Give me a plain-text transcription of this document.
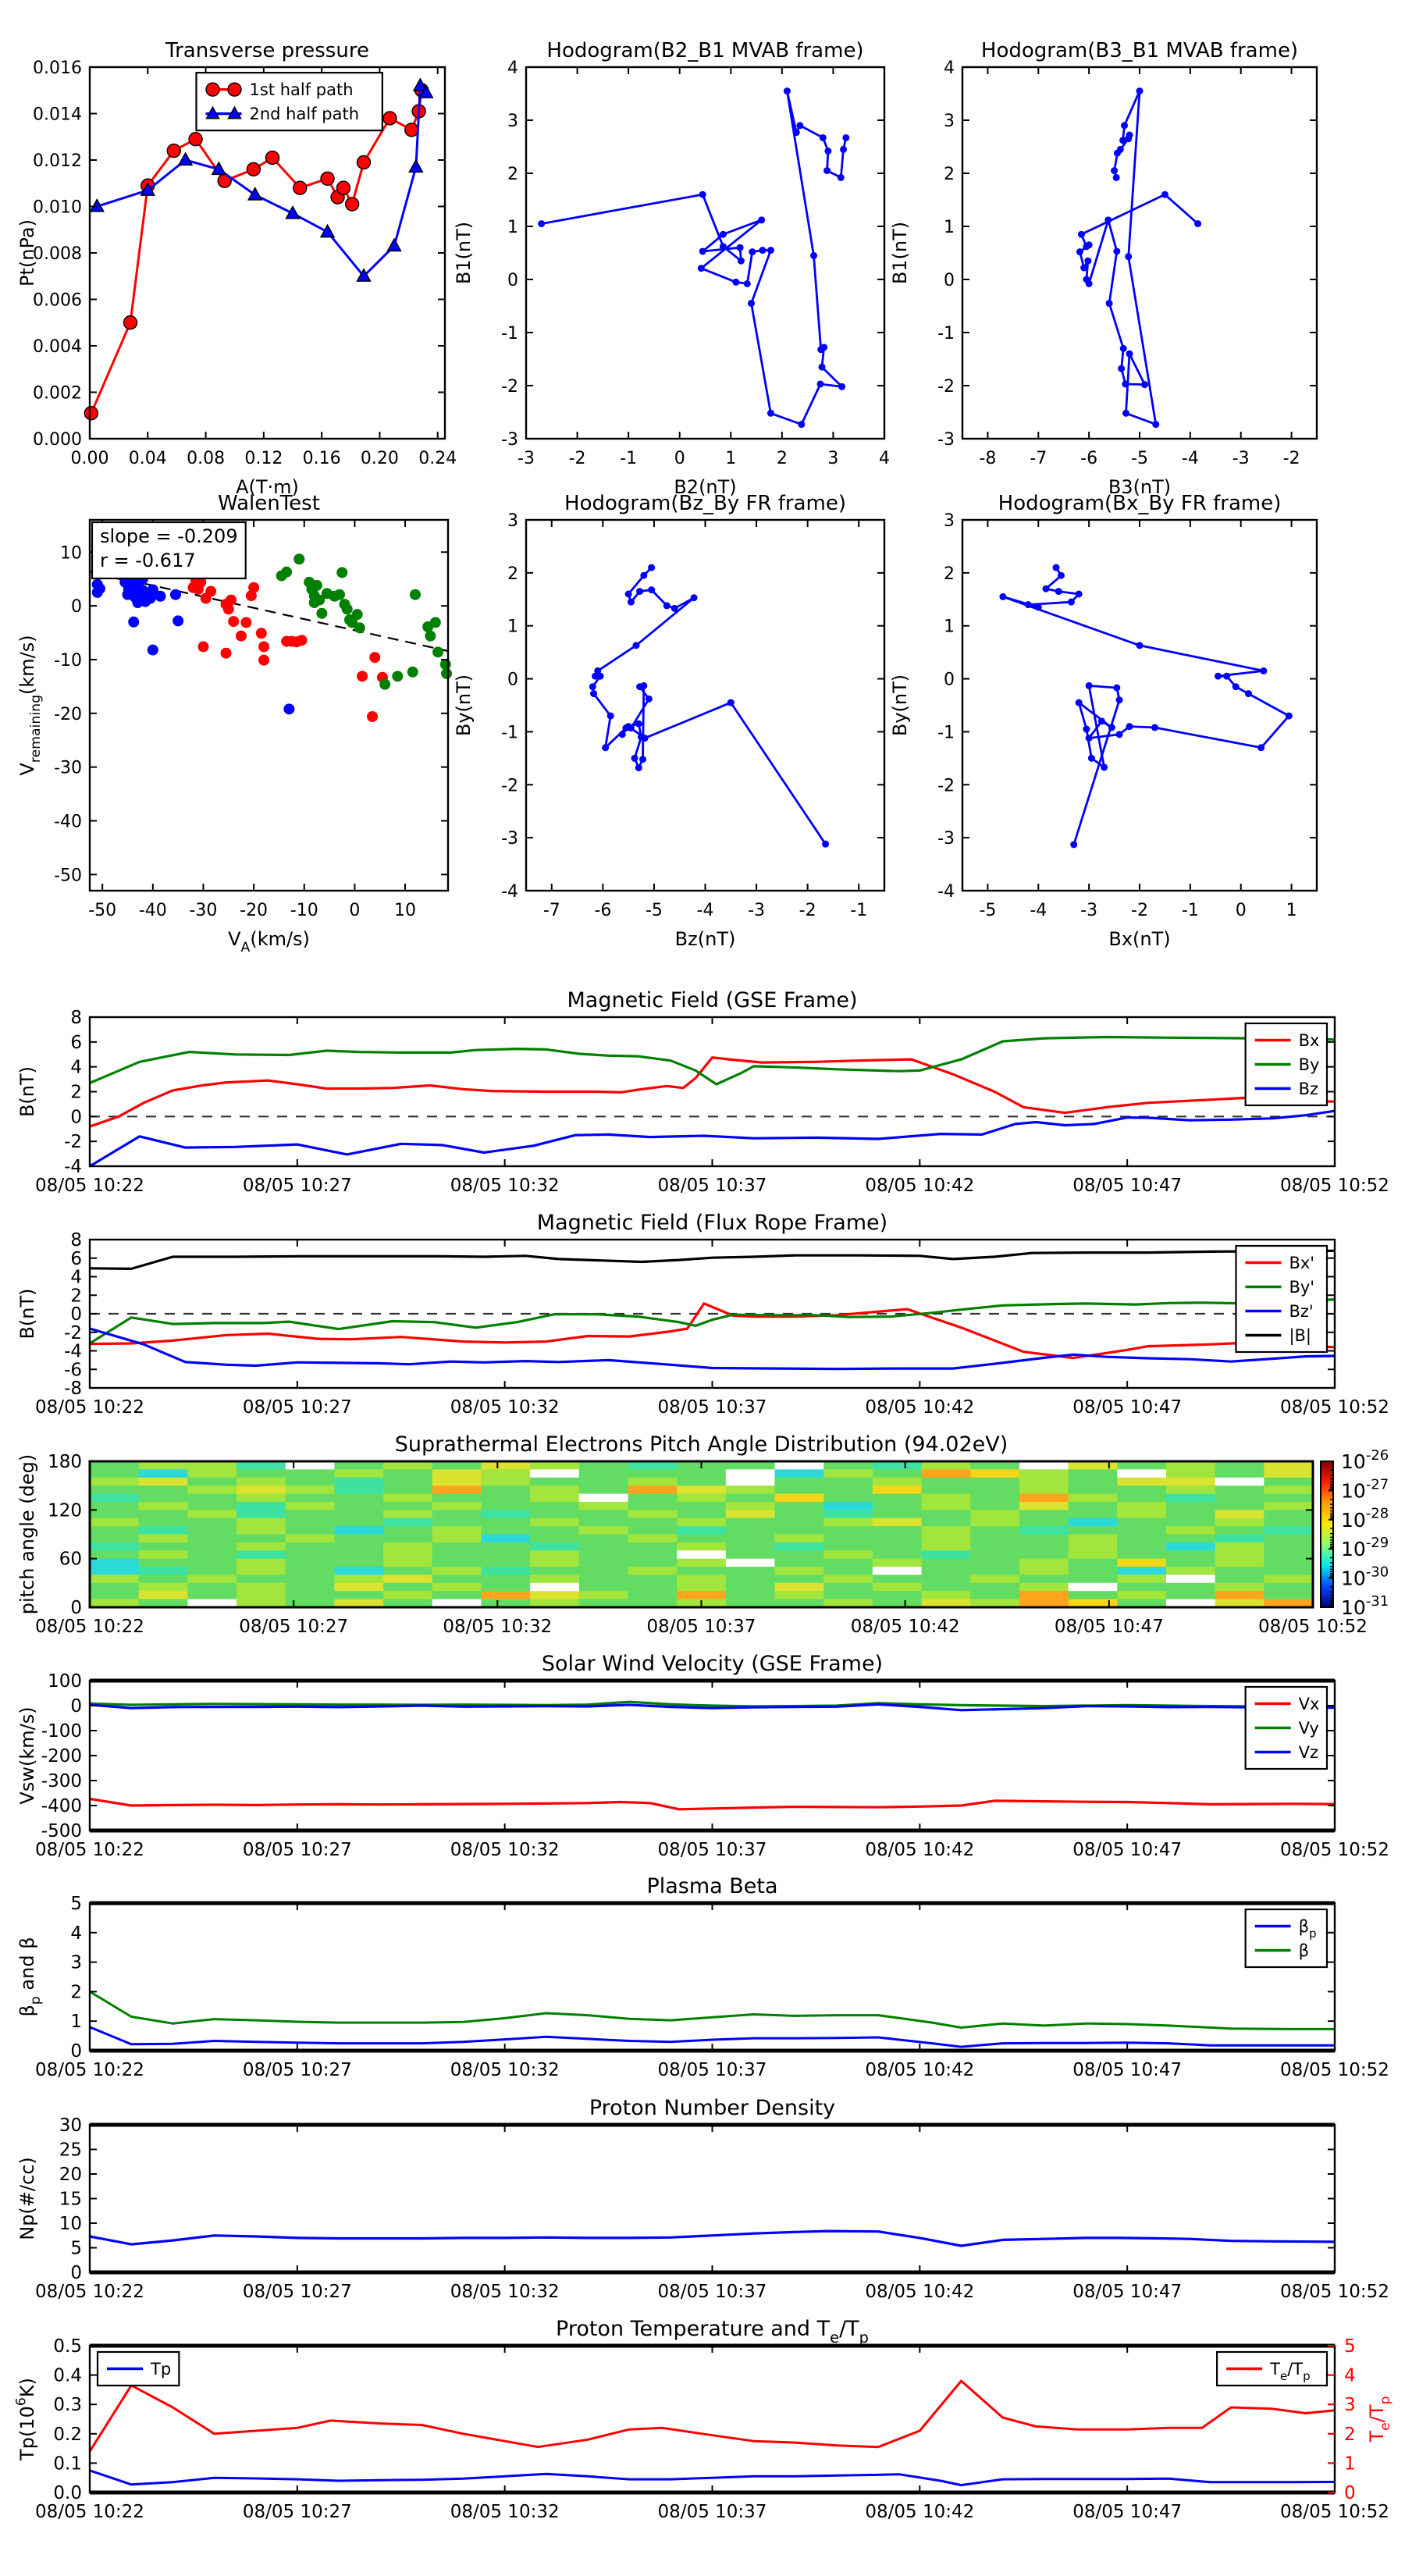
0.00 0.04 0.08 0.12 0.16 0.20 0.24
0.000
0.002
0.004
0.006
0.008
0.010
0.012
0.014
0.016
Transverse pressure
A(T·m)
Pt(nPa)
1st half path
2nd half path
-3 -2 -1 0 1 2 3 4
-3
-2
-1
0
1
2
3
4
Hodogram(B2_B1 MVAB frame)
B2(nT)
B1(nT)
-8 -7 -6 -5 -4 -3 -2
-3
-2
-1
0
1
2
3
4
Hodogram(B3_B1 MVAB frame)
B3(nT)
B1(nT)
-50 -40 -30 -20 -10 0 10
-50
-40
-30
-20
-10
0
10
WalenTest
VA(km/s)
Vremaining(km/s)
slope = -0.209
r = -0.617
-7 -6 -5 -4 -3 -2 -1
-4
-3
-2
-1
0
1
2
3
Hodogram(Bz_By FR frame)
Bz(nT)
By(nT)
-5 -4 -3 -2 -1 0 1
-4
-3
-2
-1
0
1
2
3
Hodogram(Bx_By FR frame)
Bx(nT)
By(nT)
08/05 10:22	08/05 10:27	08/05 10:32	08/05 10:37	08/05 10:42	08/05 10:47	08/05 10:52
-4
-2
0
2
4
6
8
Magnetic Field (GSE Frame)
B(nT)
Bx
By
Bz
08/05 10:22	08/05 10:27	08/05 10:32	08/05 10:37	08/05 10:42	08/05 10:47	08/05 10:52
-8
-6
-4
-2
0
2
4
6
8
Magnetic Field (Flux Rope Frame)
B(nT)
Bx'
By'
Bz'
|B|
08/05 10:22	08/05 10:27	08/05 10:32	08/05 10:37	08/05 10:42	08/05 10:47	08/05 10:52
0
60
120
180
Suprathermal Electrons Pitch Angle Distribution (94.02eV)
pitch angle (deg)	10-26
10-27
10-28
10-29
10-30
10-31
08/05 10:22	08/05 10:27	08/05 10:32	08/05 10:37	08/05 10:42	08/05 10:47	08/05 10:52
-500
-400
-300
-200
-100
0
100
Solar Wind Velocity (GSE Frame)
Vsw(km/s)
Vx
Vy
Vz
08/05 10:22	08/05 10:27	08/05 10:32	08/05 10:37	08/05 10:42	08/05 10:47	08/05 10:52
0
1
2
3
4
5
Plasma Beta
βp and β
βp
β
08/05 10:22	08/05 10:27	08/05 10:32	08/05 10:37	08/05 10:42	08/05 10:47	08/05 10:52
0
5
10
15
20
25
30
Proton Number Density
Np(#/cc)
08/05 10:22	08/05 10:27	08/05 10:32	08/05 10:37	08/05 10:42	08/05 10:47	08/05 10:52
0.0
0.1
0.2
0.3
0.4
0.5
0
1
2
3
4
5
Te/Tp
Proton Temperature and Te/Tp
Tp(106K)
Tp	Te/Tp
